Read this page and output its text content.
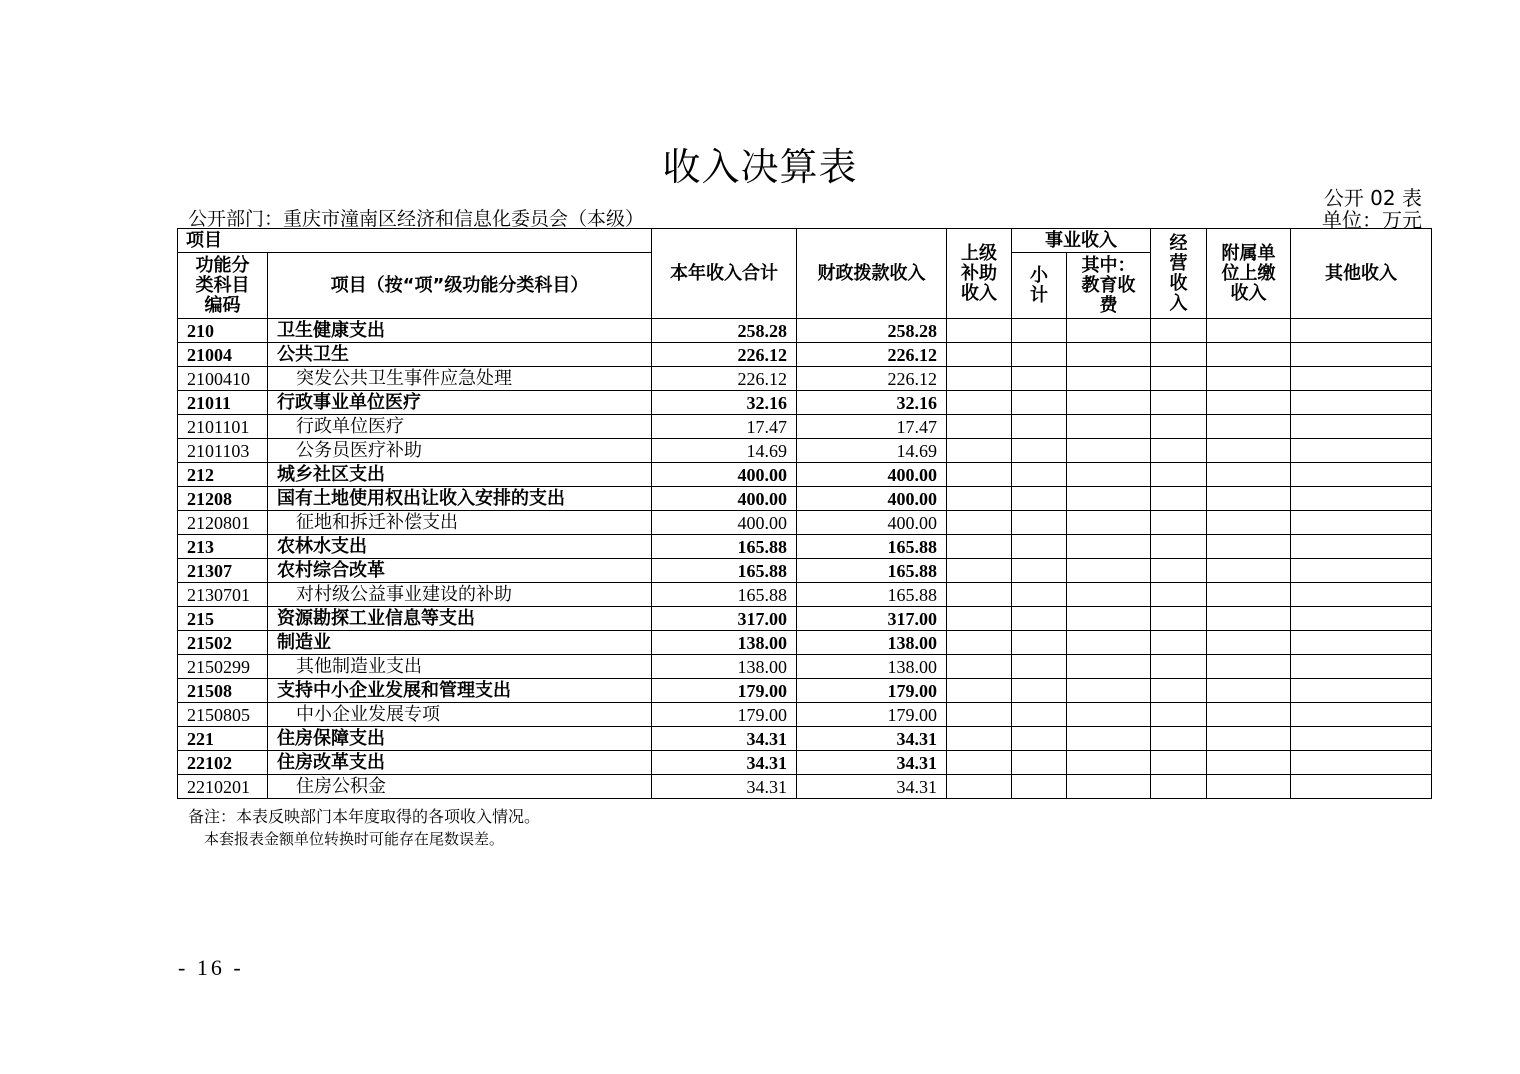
收入决算表
公开 02 表
公开部门：重庆市潼南区经济和信息化委员会（本级）	单位：万元
项目		本年收入合计	财政拨款收入	上级补助收入	事业收入		经营收入	附属单位上缴收入	其他收入
功能分类科目编码	项目（按“项”级功能分类科目）				小计	其中：教育收费			
210	卫生健康支出	258.28	258.28						
21004	公共卫生	226.12	226.12						
2100410	突发公共卫生事件应急处理	226.12	226.12						
21011	行政事业单位医疗	32.16	32.16						
2101101	行政单位医疗	17.47	17.47						
2101103	公务员医疗补助	14.69	14.69						
212	城乡社区支出	400.00	400.00						
21208	国有土地使用权出让收入安排的支出	400.00	400.00						
2120801	征地和拆迁补偿支出	400.00	400.00						
213	农林水支出	165.88	165.88						
21307	农村综合改革	165.88	165.88						
2130701	对村级公益事业建设的补助	165.88	165.88						
215	资源勘探工业信息等支出	317.00	317.00						
21502	制造业	138.00	138.00						
2150299	其他制造业支出	138.00	138.00						
21508	支持中小企业发展和管理支出	179.00	179.00						
2150805	中小企业发展专项	179.00	179.00						
221	住房保障支出	34.31	34.31						
22102	住房改革支出	34.31	34.31						
2210201	住房公积金	34.31	34.31						
备注：本表反映部门本年度取得的各项收入情况。
本套报表金额单位转换时可能存在尾数误差。
- 16 -
